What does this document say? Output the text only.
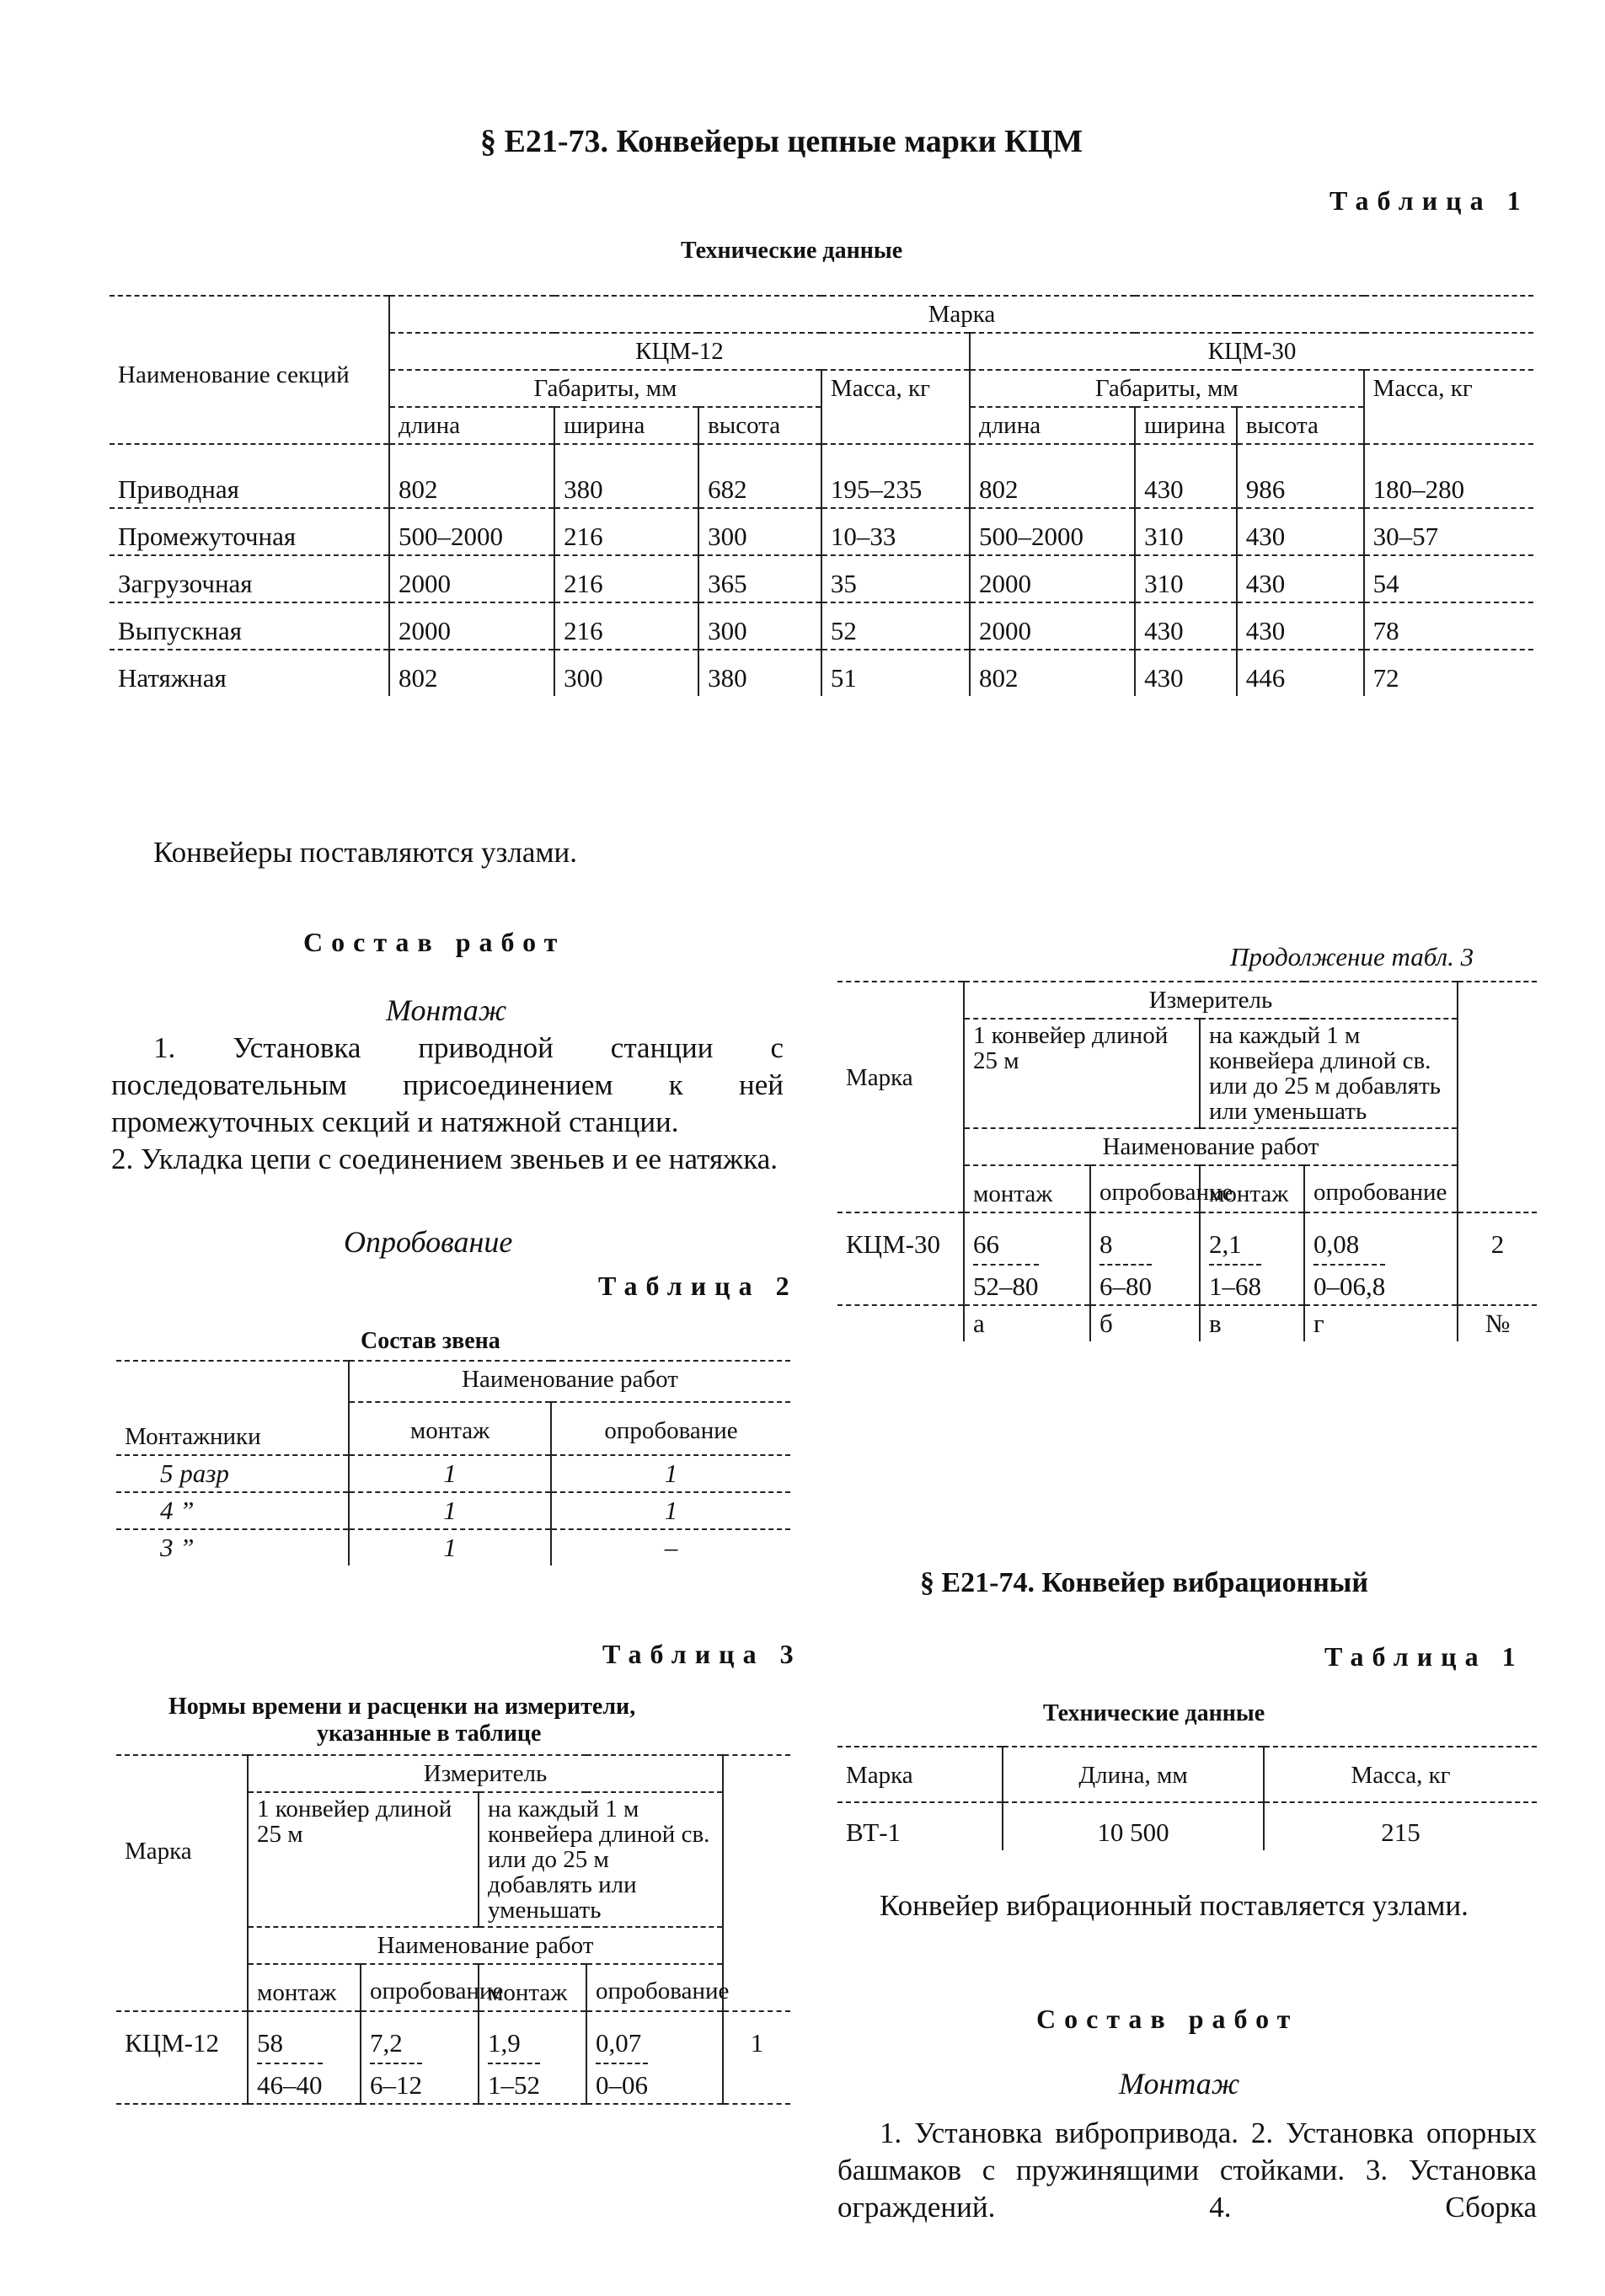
§ Е21-73. Конвейеры цепные марки КЦМ
Таблица 1
Технические данные
Наименование секций	Марка							
	КЦМ-12				КЦМ-30			
	Габариты, мм			Масса, кг	Габариты, мм			Масса, кг
	длина	ширина	высота		длина	ширина	высота	
Приводная	802	380	682	195–235	802	430	986	180–280
Промежуточная	500–2000	216	300	10–33	500–2000	310	430	30–57
Загрузочная	2000	216	365	35	2000	310	430	54
Выпускная	2000	216	300	52	2000	430	430	78
Натяжная	802	300	380	51	802	430	446	72
Конвейеры поставляются узлами.
Состав работ
Монтаж
1. Установка приводной станции с последовательным присоединением к ней промежуточных секций и натяжной станции.
2. Укладка цепи с соединением звеньев и ее натяжка.
Опробование
Таблица 2
Состав звена
Монтажники	Наименование работ	
	монтаж	опробование
5 разр	1	1
4 ”	1	1
3 ”	1	–
Таблица 3
Нормы времени и расценки на измерители,
указанные в таблице
Марка	Измеритель				
	1 конвейер длиной 25 м		на каждый 1 м конвейера длиной св. или до 25 м добавлять или уменьшать		
	Наименование работ				
	монтаж	опробование	монтаж	опробование	
КЦМ-12	$\frac{58}{46-40}$	$\frac{7,2}{6-12}$	$\frac{1,9}{1-52}$	$\frac{0,07}{0-06}$	1
Продолжение табл. 3
Марка	Измеритель				
	1 конвейер длиной 25 м		на каждый 1 м конвейера длиной св. или до 25 м добавлять или уменьшать		
	Наименование работ				
	монтаж	опробование	монтаж	опробование	
КЦМ-30	$\frac{66}{52-80}$	$\frac{8}{6-80}$	$\frac{2,1}{1-68}$	$\frac{0,08}{0-06,8}$	2
	а	б	в	г	№
§ Е21-74. Конвейер вибрационный
Таблица 1
Технические данные
Марка	Длина, мм	Масса, кг
ВТ-1	10 500	215
Конвейер вибрационный поставляется узлами.
Состав работ
Монтаж
1. Установка вибропривода. 2. Установка опорных башмаков с пружинящими стойками. 3. Установка ограждений. 4. Сборка
